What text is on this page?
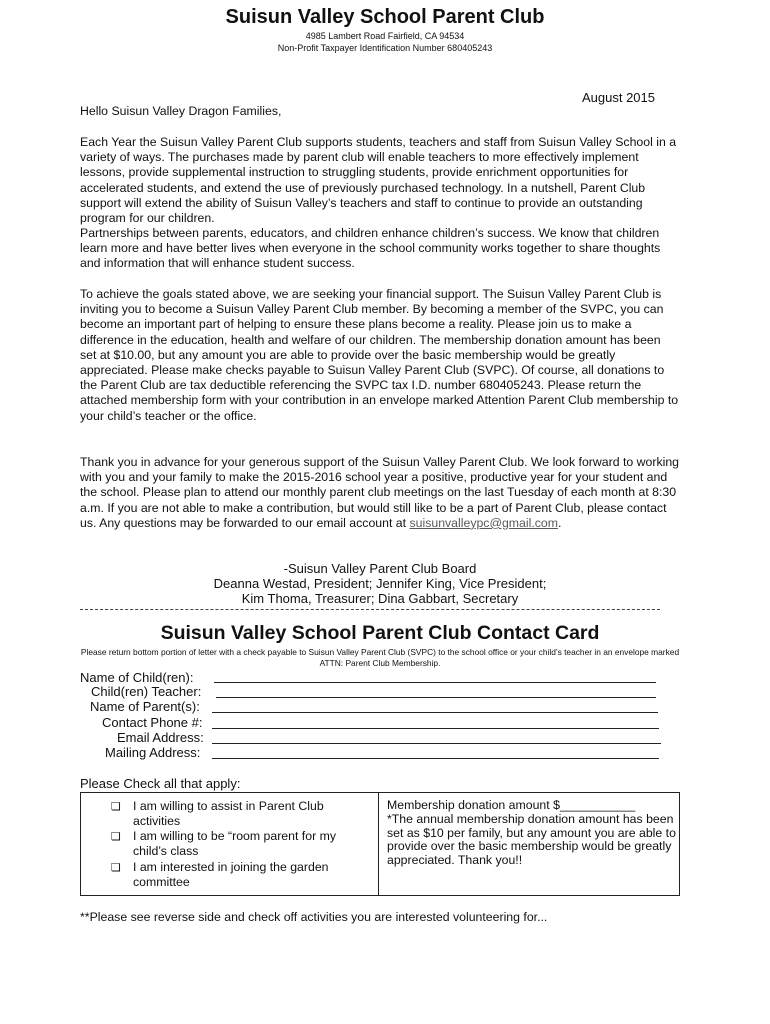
Suisun Valley School Parent Club
4985 Lambert Road Fairfield, CA 94534
Non-Profit Taxpayer Identification Number 680405243
August 2015

Hello Suisun Valley Dragon Families,

Each Year the Suisun Valley Parent Club supports students, teachers and staff from Suisun Valley School in a variety of ways. The purchases made by parent club will enable teachers to more effectively implement lessons, provide supplemental instruction to struggling students, provide enrichment opportunities for accelerated students, and extend the use of previously purchased technology. In a nutshell, Parent Club support will extend the ability of Suisun Valley’s teachers and staff to continue to provide an outstanding program for our children.

Partnerships between parents, educators, and children enhance children’s success. We know that children learn more and have better lives when everyone in the school community works together to share thoughts and information that will enhance student success.

To achieve the goals stated above, we are seeking your financial support. The Suisun Valley Parent Club is inviting you to become a Suisun Valley Parent Club member. By becoming a member of the SVPC, you can become an important part of helping to ensure these plans become a reality. Please join us to make a difference in the education, health and welfare of our children. The membership donation amount has been set at $10.00, but any amount you are able to provide over the basic membership would be greatly appreciated. Please make checks payable to Suisun Valley Parent Club (SVPC). Of course, all donations to the Parent Club are tax deductible referencing the SVPC tax I.D. number 680405243. Please return the attached membership form with your contribution in an envelope marked Attention Parent Club membership to your child’s teacher or the office.

Thank you in advance for your generous support of the Suisun Valley Parent Club. We look forward to working with you and your family to make the 2015-2016 school year a positive, productive year for your student and the school. Please plan to attend our monthly parent club meetings on the last Tuesday of each month at 8:30 a.m. If you are not able to make a contribution, but would still like to be a part of Parent Club, please contact us. Any questions may be forwarded to our email account at suisunvalleypc@gmail.com.

-Suisun Valley Parent Club Board
Deanna Westad, President; Jennifer King, Vice President;
Kim Thoma, Treasurer; Dina Gabbart, Secretary
Suisun Valley School Parent Club Contact Card
Please return bottom portion of letter with a check payable to Suisun Valley Parent Club (SVPC) to the school office or your child’s teacher in an envelope marked ATTN: Parent Club Membership.
Name of Child(ren):
Child(ren) Teacher:
Name of Parent(s):
Contact Phone #:
Email Address:
Mailing Address:
Please Check all that apply:
❏ I am willing to assist in Parent Club activities
❏ I am willing to be “room parent for my child’s class
❏ I am interested in joining the garden committee
Membership donation amount $___________
*The annual membership donation amount has been set as $10 per family, but any amount you are able to provide over the basic membership would be greatly appreciated. Thank you!!
**Please see reverse side and check off activities you are interested volunteering for...
